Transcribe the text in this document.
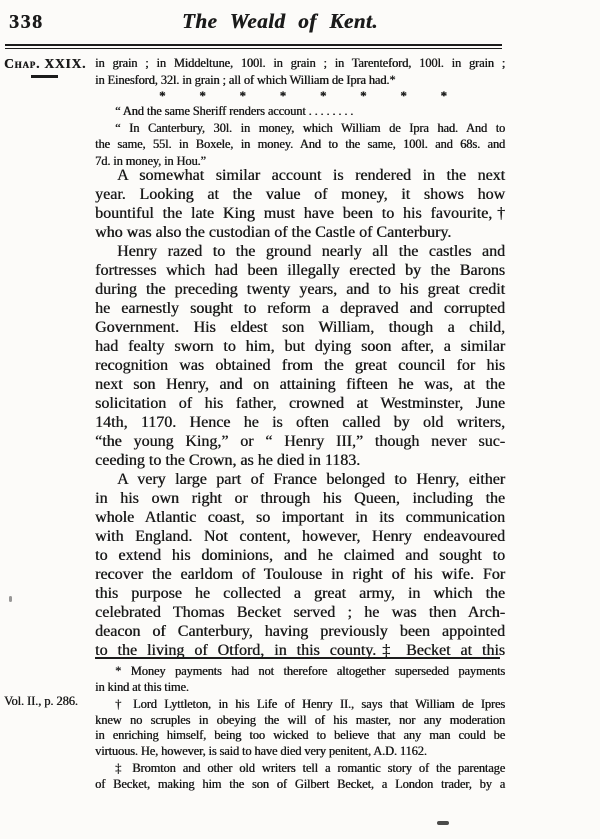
338	The Weald of Kent.
Chap. XXIX.
Vol. II., p. 286.
in grain ; in Middeltune, 100l. in grain ; in Tarenteford, 100l. in grain ;
in Einesford, 32l. in grain ; all of which William de Ipra had.*
*	*	*	*	*	*	*	*
“ And the same Sheriff renders account . . . . . . . .
“ In Canterbury, 30l. in money, which William de Ipra had. And to
the same, 55l. in Boxele, in money. And to the same, 100l. and 68s. and
7d. in money, in Hou.”
A somewhat similar account is rendered in the next
year. Looking at the value of money, it shows how
bountiful the late King must have been to his favourite,†
who was also the custodian of the Castle of Canterbury.
Henry razed to the ground nearly all the castles and
fortresses which had been illegally erected by the Barons
during the preceding twenty years, and to his great credit
he earnestly sought to reform a depraved and corrupted
Government. His eldest son William, though a child,
had fealty sworn to him, but dying soon after, a similar
recognition was obtained from the great council for his
next son Henry, and on attaining fifteen he was, at the
solicitation of his father, crowned at Westminster, June
14th, 1170. Hence he is often called by old writers,
“the young King,” or “ Henry III,” though never suc-
ceeding to the Crown, as he died in 1183.
A very large part of France belonged to Henry, either
in his own right or through his Queen, including the
whole Atlantic coast, so important in its communication
with England. Not content, however, Henry endeavoured
to extend his dominions, and he claimed and sought to
recover the earldom of Toulouse in right of his wife. For
this purpose he collected a great army, in which the
celebrated Thomas Becket served ; he was then Arch-
deacon of Canterbury, having previously been appointed
to the living of Otford, in this county.‡ Becket at this
* Money payments had not therefore altogether superseded payments
in kind at this time.
† Lord Lyttleton, in his Life of Henry II., says that William de Ipres
knew no scruples in obeying the will of his master, nor any moderation
in enriching himself, being too wicked to believe that any man could be
virtuous. He, however, is said to have died very penitent, A.D. 1162.
‡ Bromton and other old writers tell a romantic story of the parentage
of Becket, making him the son of Gilbert Becket, a London trader, by a
